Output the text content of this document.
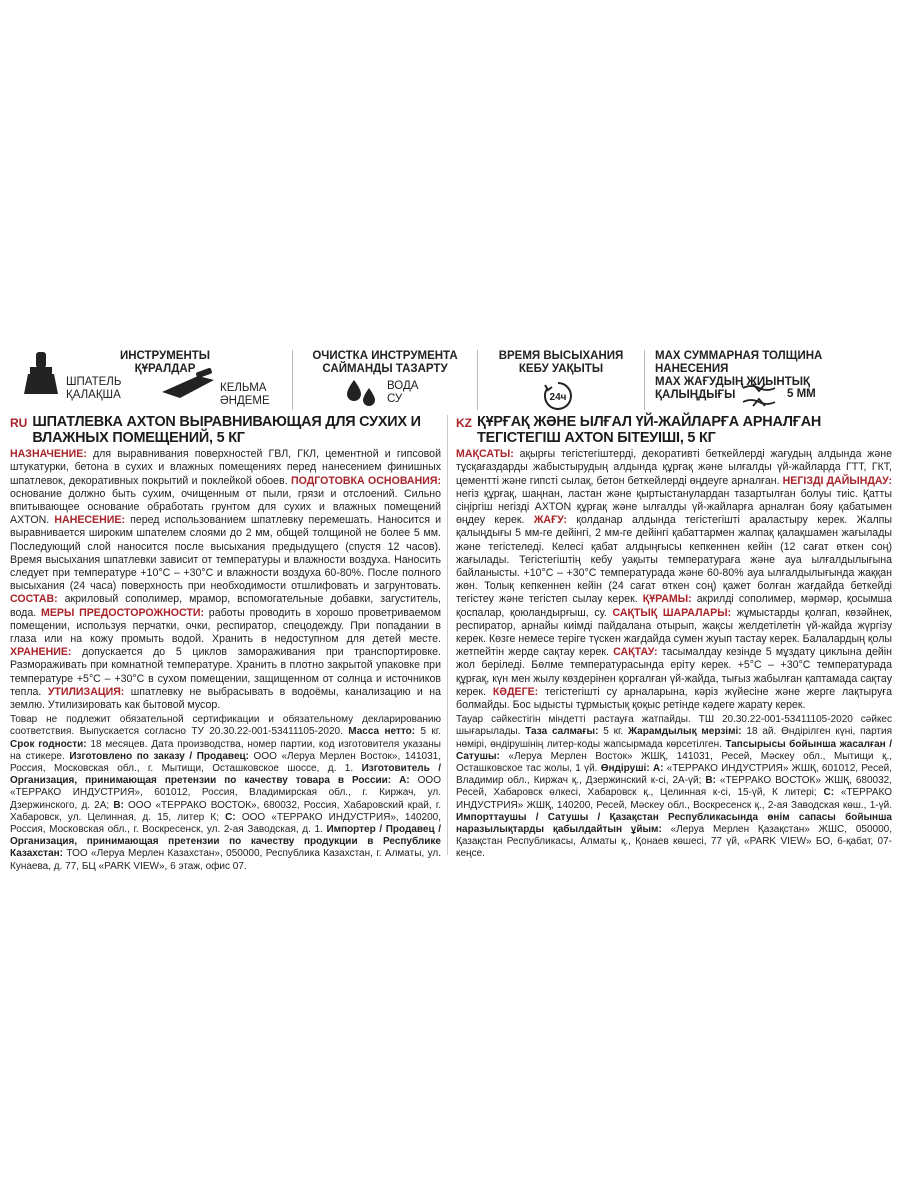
ИНСТРУМЕНТЫ
ҚҰРАЛДАР
ШПАТЕЛЬ
ҚАЛАҚША
КЕЛЬМА
ӘНДЕМЕ
ОЧИСТКА ИНСТРУМЕНТА
САЙМАНДЫ ТАЗАРТУ
ВОДА
СУ
ВРЕМЯ ВЫСЫХАНИЯ
КЕБУ УАҚЫТЫ
24ч
МАХ СУММАРНАЯ ТОЛЩИНА НАНЕСЕНИЯ
МАХ ЖАҒУДЫҢ ЖИЫНТЫҚ ҚАЛЫҢДЫҒЫ	5 ММ
RU ШПАТЛЕВКА AXTON ВЫРАВНИВАЮЩАЯ ДЛЯ СУХИХ И ВЛАЖНЫХ ПОМЕЩЕНИЙ, 5 КГ

НАЗНАЧЕНИЕ: для выравнивания поверхностей ГВЛ, ГКЛ, цементной и гипсовой штукатурки, бетона в сухих и влажных помещениях перед нанесением финишных шпатлевок, декоративных покрытий и поклейкой обоев. ПОДГОТОВКА ОСНОВАНИЯ: основание должно быть сухим, очищенным от пыли, грязи и отслоений. Сильно впитывающее основание обработать грунтом для сухих и влажных помещений AXTON. НАНЕСЕНИЕ: перед использованием шпатлевку перемешать. Наносится и выравнивается широким шпателем слоями до 2 мм, общей толщиной не более 5 мм. Последующий слой наносится после высыхания предыдущего (спустя 12 часов). Время высыхания шпатлевки зависит от температуры и влажности воздуха. Наносить следует при температуре +10°С – +30°С и влажности воздуха 60-80%. После полного высыхания (24 часа) поверхность при необходимости отшлифовать и загрунтовать. СОСТАВ: акриловый сополимер, мрамор, вспомогательные добавки, загуститель, вода. МЕРЫ ПРЕДОСТОРОЖНОСТИ: работы проводить в хорошо проветриваемом помещении, используя перчатки, очки, респиратор, спецодежду. При попадании в глаза или на кожу промыть водой. Хранить в недоступном для детей месте. ХРАНЕНИЕ: допускается до 5 циклов замораживания при транспортировке. Размораживать при комнатной температуре. Хранить в плотно закрытой упаковке при температуре +5°С – +30°С в сухом помещении, защищенном от солнца и источников тепла. УТИЛИЗАЦИЯ: шпатлевку не выбрасывать в водоёмы, канализацию и на землю. Утилизировать как бытовой мусор.

Товар не подлежит обязательной сертификации и обязательному декларированию соответствия. Выпускается согласно ТУ 20.30.22-001-53411105-2020. Масса нетто: 5 кг. Срок годности: 18 месяцев. Дата производства, номер партии, код изготовителя указаны на стикере. Изготовлено по заказу / Продавец: ООО «Леруа Мерлен Восток», 141031, Россия, Московская обл., г. Мытищи, Осташковское шоссе, д. 1. Изготовитель / Организация, принимающая претензии по качеству товара в России: А: ООО «ТЕРРАКО ИНДУСТРИЯ», 601012, Россия, Владимирская обл., г. Киржач, ул. Дзержинского, д. 2А; В: ООО «ТЕРРАКО ВОСТОК», 680032, Россия, Хабаровский край, г. Хабаровск, ул. Целинная, д. 15, литер К; С: ООО «ТЕРРАКО ИНДУСТРИЯ», 140200, Россия, Московская обл., г. Воскресенск, ул. 2-ая Заводская, д. 1. Импортер / Продавец / Организация, принимающая претензии по качеству продукции в Республике Казахстан: ТОО «Леруа Мерлен Казахстан», 050000, Республика Казахстан, г. Алматы, ул. Кунаева, д. 77, БЦ «PARK VIEW», 6 этаж, офис 07.
KZ ҚҰРҒАҚ ЖӘНЕ ЫЛҒАЛ ҮЙ-ЖАЙЛАРҒА АРНАЛҒАН ТЕГІСТЕГІШ AXTON БІТЕУІШІ, 5 КГ

МАҚСАТЫ: ақырғы тегістегіштерді, декоративті беткейлерді жағудың алдында және тұсқағаздарды жабыстырудың алдында құрғақ және ылғалды үй-жайларда ГТТ, ГКТ, цементті және гипсті сылақ, бетон беткейлерді өңдеуге арналған. НЕГІЗДІ ДАЙЫНДАУ: негіз құрғақ, шаңнан, ластан және қыртыстанулардан тазартылған болуы тиіс. Қатты сіңіргіш негізді AXTON құрғақ және ылғалды үй-жайларға арналған бояу қабатымен өңдеу керек. ЖАҒУ: қолданар алдында тегістегішті араластыру керек. Жалпы қалыңдығы 5 мм-ге дейінгі, 2 мм-ге дейінгі қабаттармен жалпақ қалақшамен жағылады және тегістеледі. Келесі қабат алдыңғысы кепкеннен кейін (12 сағат өткен соң) жағылады. Тегістегіштің кебу уақыты температураға және ауа ылғалдылығына байланысты. +10°С – +30°С температурада және 60-80% ауа ылғалдылығында жаққан жөн. Толық кепкеннен кейін (24 сағат өткен соң) қажет болған жағдайда беткейді тегістеу және тегістеп сылау керек. ҚҰРАМЫ: акрилді сополимер, мәрмәр, қосымша қоспалар, қоюландырғыш, су. САҚТЫҚ ШАРАЛАРЫ: жұмыстарды қолғап, көзәйнек, респиратор, арнайы киімді пайдалана отырып, жақсы желдетілетін үй-жайда жүргізу керек. Көзге немесе теріге түскен жағдайда сумен жуып тастау керек. Балалардың қолы жетпейтін жерде сақтау керек. САҚТАУ: тасымалдау кезінде 5 мұздату циклына дейін жол беріледі. Бөлме температурасында еріту керек. +5°С – +30°С температурада құрғақ, күн мен жылу көздерінен қорғалған үй-жайда, тығыз жабылған қаптамада сақтау керек. КӘДЕГЕ: тегістегішті су арналарына, кәріз жүйесіне және жерге лақтыруға болмайды. Бос ыдысты тұрмыстық қоқыс ретінде кәдеге жарату керек.

Тауар сәйкестігін міндетті растауға жатпайды. ТШ 20.30.22-001-53411105-2020 сәйкес шығарылады. Таза салмағы: 5 кг. Жарамдылық мерзімі: 18 ай. Өндірілген күні, партия нөмірі, өндірушінің литер-коды жапсырмада көрсетілген. Тапсырысы бойынша жасалған / Сатушы: «Леруа Мерлен Восток» ЖШҚ, 141031, Ресей, Мәскеу обл., Мытищи қ., Осташковское тас жолы, 1 үй. Өндіруші: А: «ТЕРРАКО ИНДУСТРИЯ» ЖШҚ, 601012, Ресей, Владимир обл., Киржач қ., Дзержинский к-сі, 2А-үй; В: «ТЕРРАКО ВОСТОК» ЖШҚ, 680032, Ресей, Хабаровск өлкесі, Хабаровск қ., Целинная к-сі, 15-үй, К литері; С: «ТЕРРАКО ИНДУСТРИЯ» ЖШҚ, 140200, Ресей, Мәскеу обл., Воскресенск қ., 2-ая Заводская көш., 1-үй. Импорттаушы / Сатушы / Қазақстан Республикасында өнім сапасы бойынша наразылықтарды қабылдайтын ұйым: «Леруа Мерлен Қазақстан» ЖШС, 050000, Қазақстан Республикасы, Алматы қ., Қонаев көшесі, 77 үй, «PARK VIEW» БО, 6-қабат, 07-кеңсе.
